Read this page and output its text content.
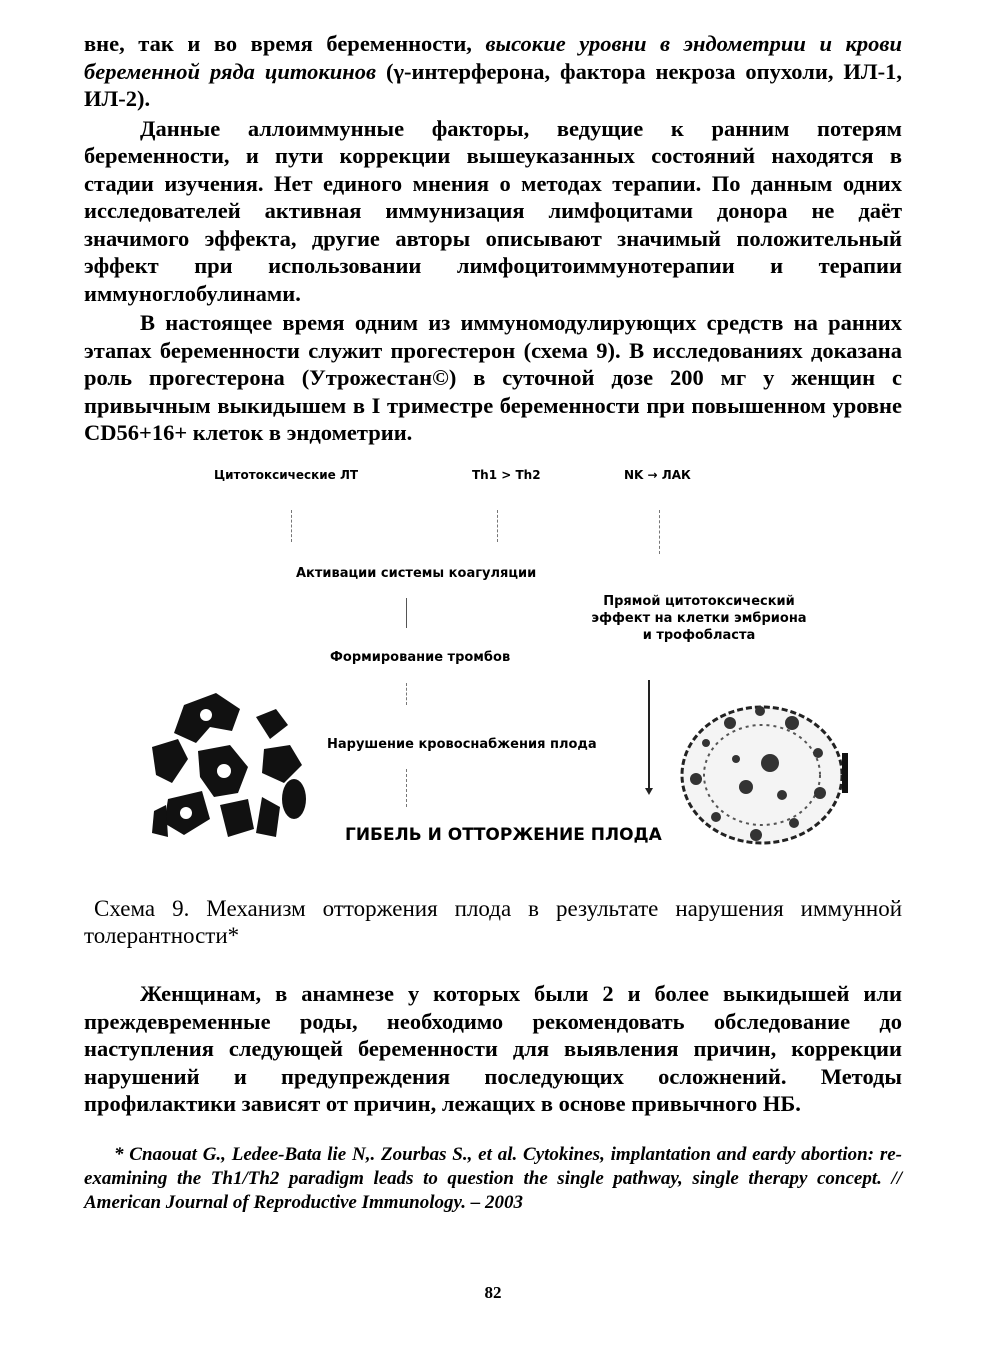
вне, так и во время беременности, высокие уровни в эндометрии и крови беременной ряда цитокинов (γ-интерферона, фактора некроза опухоли, ИЛ-1, ИЛ-2).

Данные аллоиммунные факторы, ведущие к ранним потерям беременности, и пути коррекции вышеуказанных состояний находятся в стадии изучения. Нет единого мнения о методах терапии. По данным одних исследователей активная иммунизация лимфоцитами донора не даёт значимого эффекта, другие авторы описывают значимый положительный эффект при использовании лимфоцитоиммунотерапии и терапии иммуноглобулинами.

В настоящее время одним из иммуномодулирующих средств на ранних этапах беременности служит прогестерон (схема 9). В исследованиях доказана роль прогестерона (Утрожестан©) в суточной дозе 200 мг у женщин с привычным выкидышем в I триместре беременности при повышенном уровне CD56+16+ клеток в эндометрии.

Цитотоксические ЛТ	Th1 > Th2	NK → ЛАК
Активации системы коагуляции
Прямой цитотоксический эффект на клетки эмбриона и трофобласта
Формирование тромбов
Нарушение кровоснабжения плода
ГИБЕЛЬ И ОТТОРЖЕНИЕ ПЛОДА

Схема 9. Механизм отторжения плода в результате нарушения иммунной толерантности*

Женщинам, в анамнезе у которых были 2 и более выкидышей или преждевременные роды, необходимо рекомендовать обследование до наступления следующей беременности для выявления причин, коррекции нарушений и предупреждения последующих осложнений. Методы профилактики зависят от причин, лежащих в основе привычного НБ.

* Cnaouat G., Ledee-Bata lie N,. Zourbas S., et al. Cytokines, implantation and eardy abortion: re-examining the Th1/Th2 paradigm leads to question the single pathway, single therapy concept. // American Journal of Reproductive Immunology. – 2003

82
